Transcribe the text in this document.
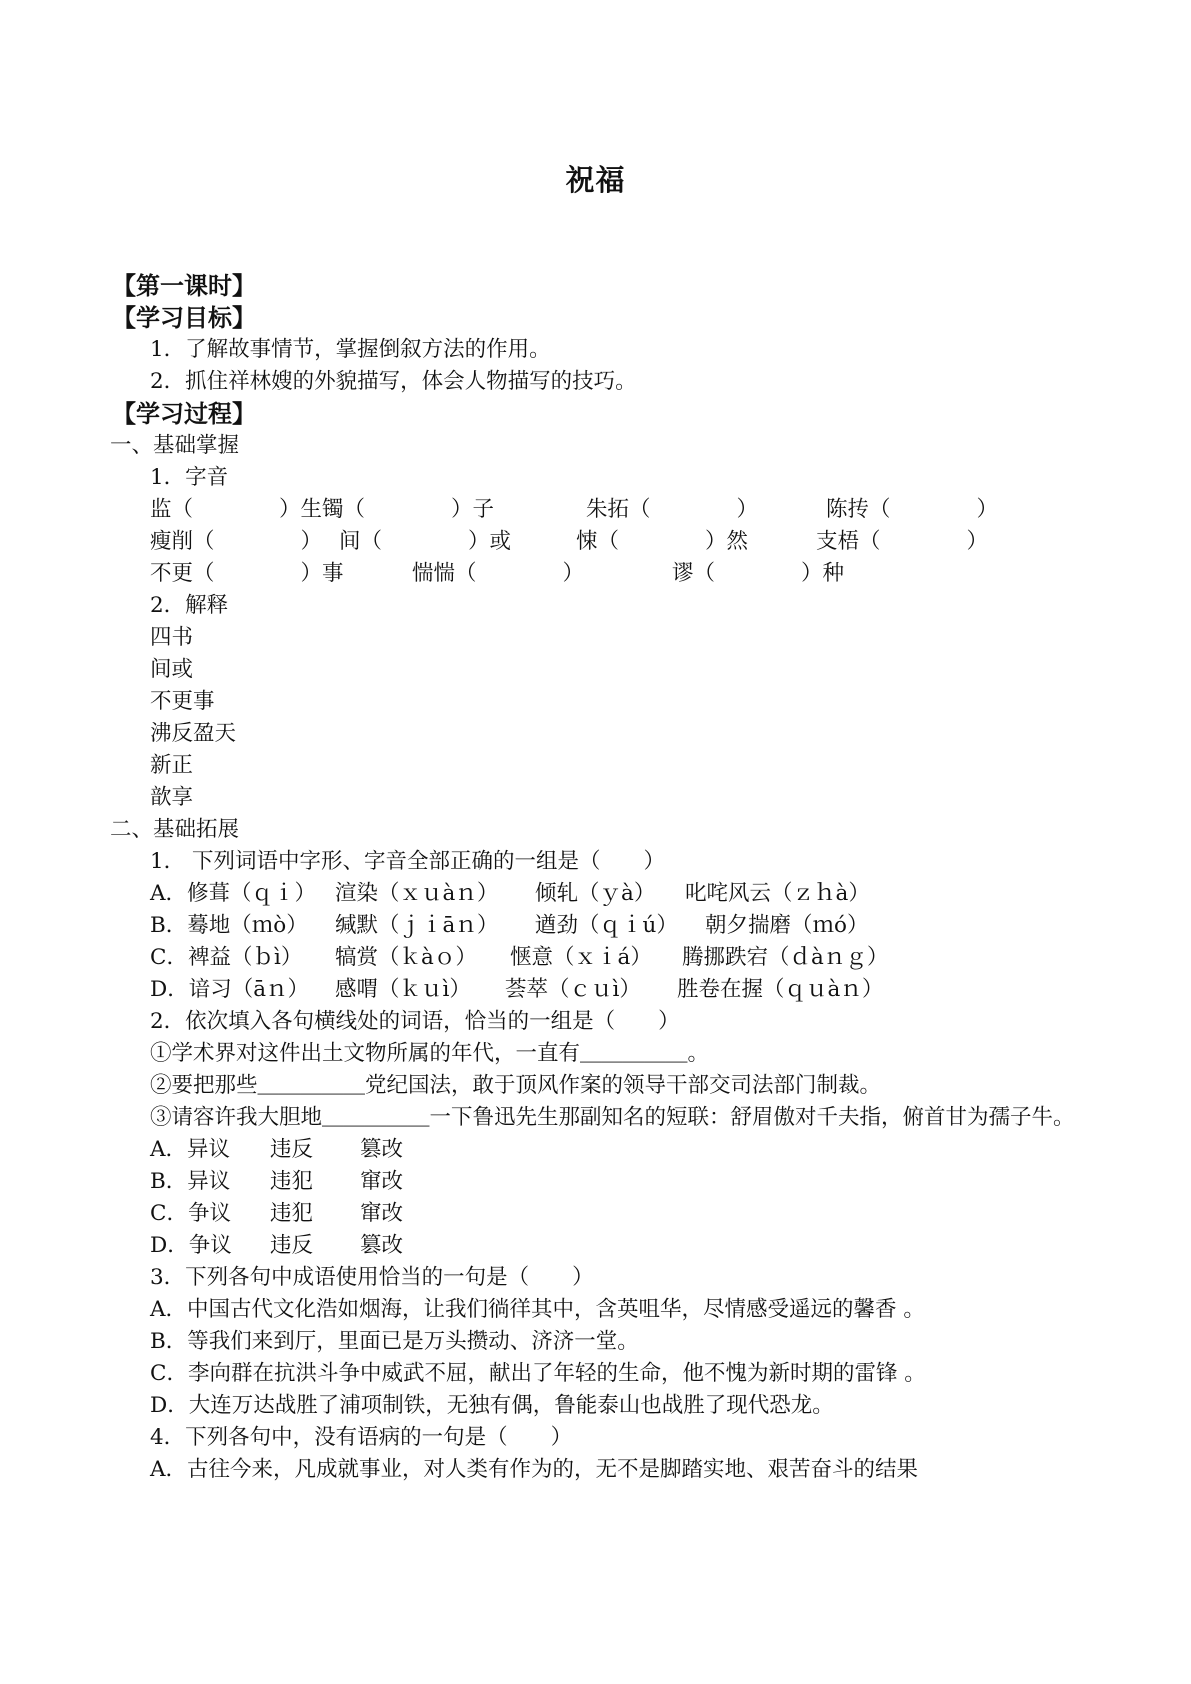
祝福
【第一课时】
【学习目标】
1．了解故事情节，掌握倒叙方法的作用。
2．抓住祥林嫂的外貌描写，体会人物描写的技巧。
【学习过程】
一、基础掌握
1．字音
监（　　　　）生 镯（　　　　）子	朱拓（　　　　）	陈抟（　　　　）
瘦削（　　　　） 间（　　　　）或	悚（　　　　）然	支梧（　　　　）
不更（　　　　）事	惴惴（　　　　）	谬（　　　　）种
2．解释
四书
间或
不更事
沸反盈天
新正
歆享
二、基础拓展
1． 下列词语中字形、字音全部正确的一组是（　　）
A．修葺（ｑｉ） 渲染（ｘｕàｎ）	倾轧（ｙà）	叱咤风云（ｚｈà）
B．蓦地（ｍò）	缄默（ｊｉāｎ）	遒劲（ｑｉú）	朝夕揣磨（ｍó）
C．裨益（ｂì）	犒赏（ｋàｏ）	惬意（ｘｉá）	腾挪跌宕（ｄàｎｇ）
D．谙习（āｎ）	感喟（ｋｕì）	荟萃（ｃｕì）	胜卷在握（ｑｕàｎ）
2．依次填入各句横线处的词语，恰当的一组是（　　）
①学术界对这件出土文物所属的年代，一直有＿＿＿＿＿。
②要把那些＿＿＿＿＿党纪国法，敢于顶风作案的领导干部交司法部门制裁。
③请容许我大胆地＿＿＿＿＿一下鲁迅先生那副知名的短联：舒眉傲对千夫指，俯首甘为孺子牛。
A．异议	违反	篡改
B．异议	违犯	窜改
C．争议	违犯	窜改
D．争议	违反	篡改
3．下列各句中成语使用恰当的一句是（　　）
A．中国古代文化浩如烟海，让我们徜徉其中，含英咀华，尽情感受遥远的馨香 。
B．等我们来到厅，里面已是万头攒动、济济一堂。
C．李向群在抗洪斗争中威武不屈，献出了年轻的生命，他不愧为新时期的雷锋 。
D．大连万达战胜了浦项制铁，无独有偶，鲁能泰山也战胜了现代恐龙。
4．下列各句中，没有语病的一句是（　　）
A．古往今来，凡成就事业，对人类有作为的，无不是脚踏实地、艰苦奋斗的结果
